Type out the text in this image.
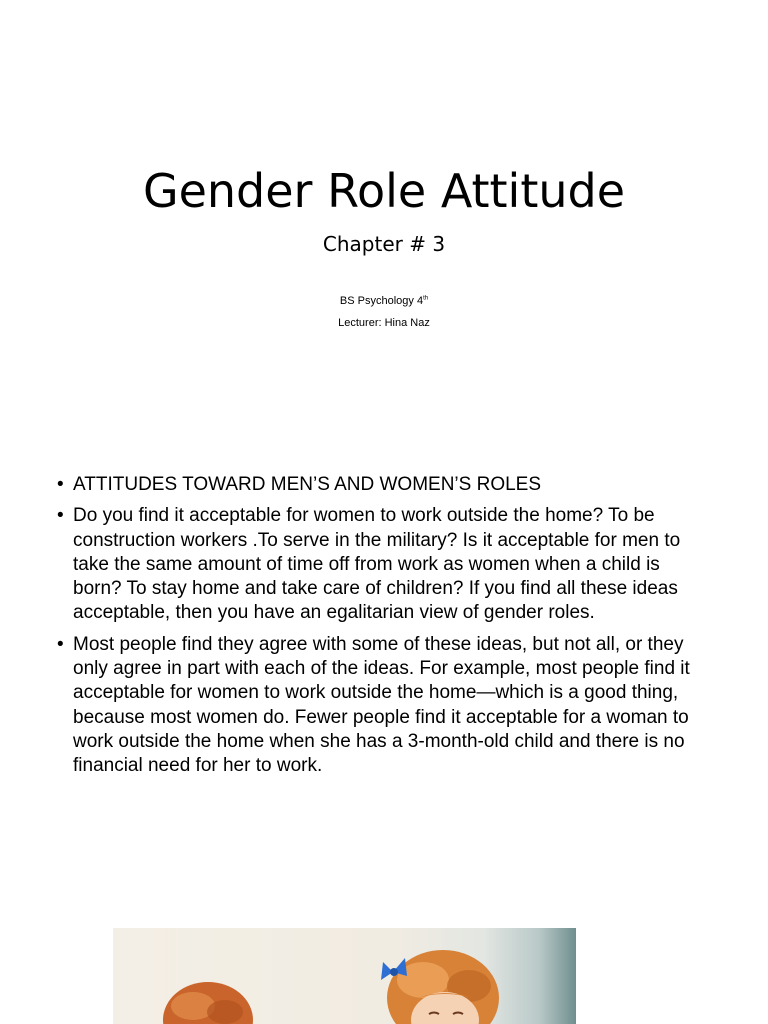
Gender Role Attitude
Chapter # 3
BS Psychology 4th
Lecturer: Hina Naz
• ATTITUDES TOWARD MEN’S AND WOMEN’S ROLES
• Do you find it acceptable for women to work outside the home? To be construction workers .To serve in the military? Is it acceptable for men to take the same amount of time off from work as women when a child is born? To stay home and take care of children? If you find all these ideas acceptable, then you have an egalitarian view of gender roles.
• Most people find they agree with some of these ideas, but not all, or they only agree in part with each of the ideas. For example, most people find it acceptable for women to work outside the home—which is a good thing, because most women do. Fewer people find it acceptable for a woman to work outside the home when she has a 3-month-old child and there is no financial need for her to work.
